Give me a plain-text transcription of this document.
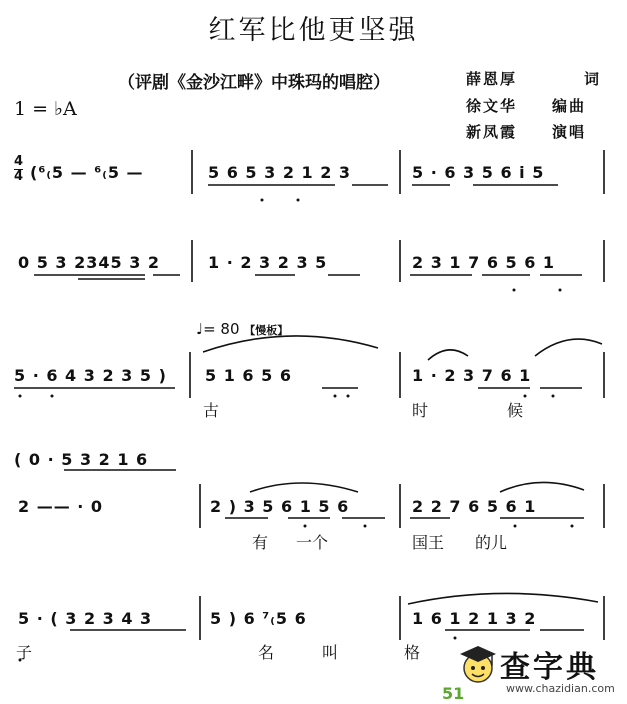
红军比他更坚强
（评剧《金沙江畔》中珠玛的唱腔）	薛恩厚	词
徐文华 编曲
新凤霞 演唱
1 = ♭A
4
4 (⁶₍5 — ⁶₍5 —	5 6 5 3 2 1 2 3	5 · 6 3 5 6 i 5
0 5 3 2345 3 2	1 · 2 3 2 3 5	2 3 1 7 6 5 6 1
♩= 80 【慢板】
5 · 6 4 3 2 3 5 ) 5 1 6 5 6	1 · 2 3 7 6 1
古	时	候
( 0 · 5 3 2 1 6
2 —— · 0	2 ) 3 5 6 1 5 6	2 2 7 6 5 6 1
有 一个	国王 的儿
5 · ( 3 2 3 4 3	5 ) 6 ⁷₍5 6	1 6 1 2 1 3 2
子	名	叫	格
51
查字典
www.chazidian.com
